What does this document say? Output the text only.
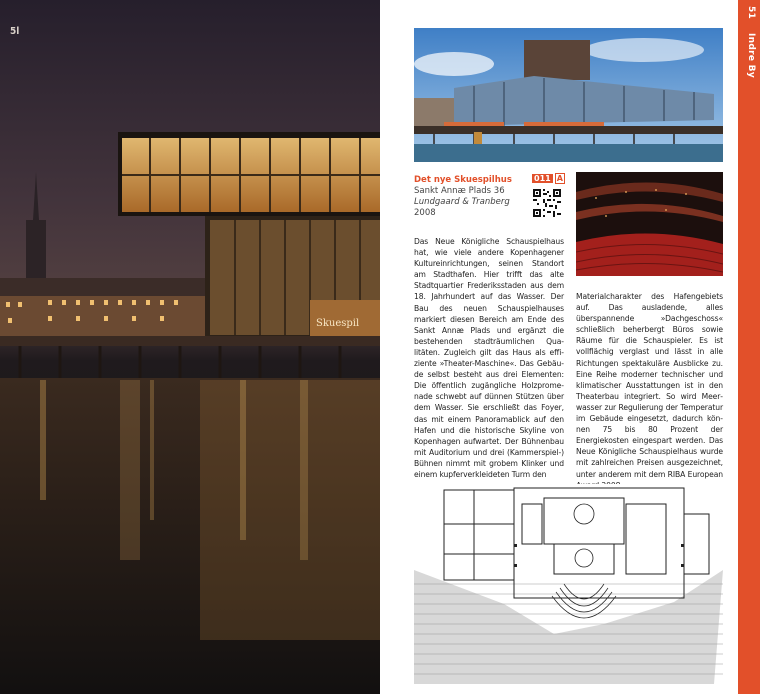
5l
Skuespil
Det nye Skuespilhus
Sankt Annæ Plads 36
Lundgaard & Tranberg
2008
011 A
Das Neue Königliche Schauspielhaus hat, wie viele andere Kopenhagener Kultureinrichtungen, seinen Standort am Stadthafen. Hier trifft das alte Stadtquartier Frederiksstaden aus dem 18. Jahrhundert auf das Wasser. Der Bau des neuen Schauspielhauses markiert diesen Bereich am Ende des Sankt Annæ Plads und ergänzt die bestehenden stadträumlichen Qualitäten. Zugleich gilt das Haus als effiziente »Theater-Maschine«. Das Gebäude selbst besteht aus drei Elementen: Die öffentlich zugängliche Holzpromenade schwebt auf dünnen Stützen über dem Wasser. Sie erschließt das Foyer, das mit einem Panoramablick auf den Hafen und die historische Skyline von Kopenhagen aufwartet. Der Bühnenbau mit Auditorium und drei (Kammerspiel-) Bühnen nimmt mit grobem Klinker und einem kupferverkleideten Turm den
Materialcharakter des Hafengebiets auf. Das ausladende, alles überspannende »Dachgeschoss« schließlich beherbergt Büros sowie Räume für die Schauspieler. Es ist vollflächig verglast und lässt in alle Richtungen spektakuläre Ausblicke zu. Eine Reihe moderner technischer und klimatischer Ausstattungen ist in den Theaterbau integriert. So wird Meerwasser zur Regulierung der Temperatur im Gebäude eingesetzt, dadurch können 75 bis 80 Prozent der Energiekosten eingespart werden. Das Neue Königliche Schauspielhaus wurde mit zahlreichen Preisen ausgezeichnet, unter anderem mit dem RIBA European
51 Indre By
